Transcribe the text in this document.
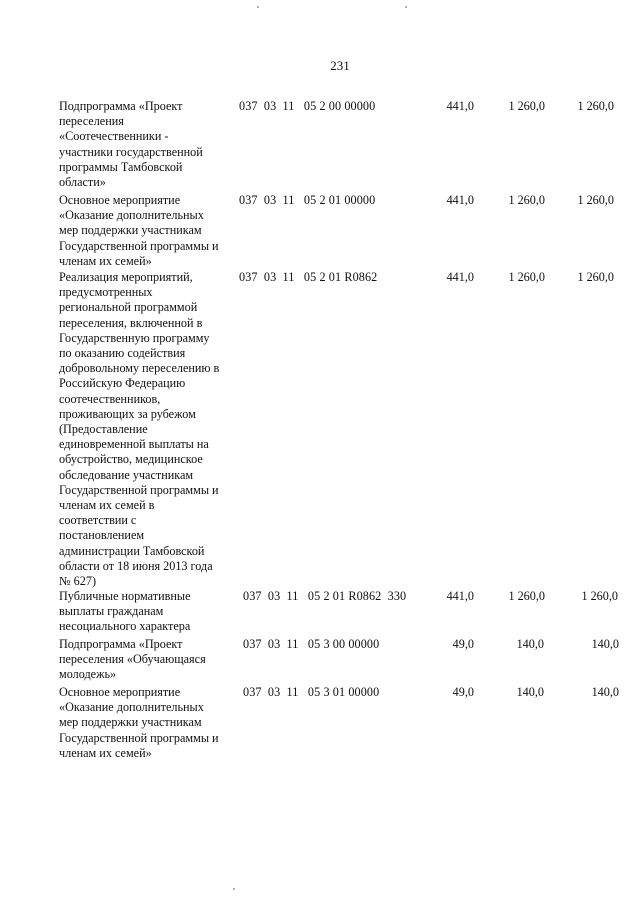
231
Подпрограмма «Проект
переселения
«Соотечественники -
участники государственной
программы Тамбовской
области»
037  03  11   05 2 00 00000	441,0	1 260,0	1 260,0
Основное мероприятие
«Оказание дополнительных
мер поддержки участникам
Государственной программы и
членам их семей»
037  03  11   05 2 01 00000	441,0	1 260,0	1 260,0
Реализация мероприятий,
предусмотренных
региональной программой
переселения, включенной в
Государственную программу
по оказанию содействия
добровольному переселению в
Российскую Федерацию
соотечественников,
проживающих за рубежом
(Предоставление
единовременной выплаты на
обустройство, медицинское
обследование участникам
Государственной программы и
членам их семей в
соответствии с
постановлением
администрации Тамбовской
области от 18 июня 2013 года
№ 627)
037  03  11   05 2 01 R0862	441,0	1 260,0	1 260,0
Публичные нормативные
выплаты гражданам
несоциального характера
037  03  11   05 2 01 R0862  330	441,0	1 260,0	1 260,0
Подпрограмма «Проект
переселения «Обучающаяся
молодежь»
037  03  11   05 3 00 00000	49,0	140,0	140,0
Основное мероприятие
«Оказание дополнительных
мер поддержки участникам
Государственной программы и
членам их семей»
037  03  11   05 3 01 00000	49,0	140,0	140,0
